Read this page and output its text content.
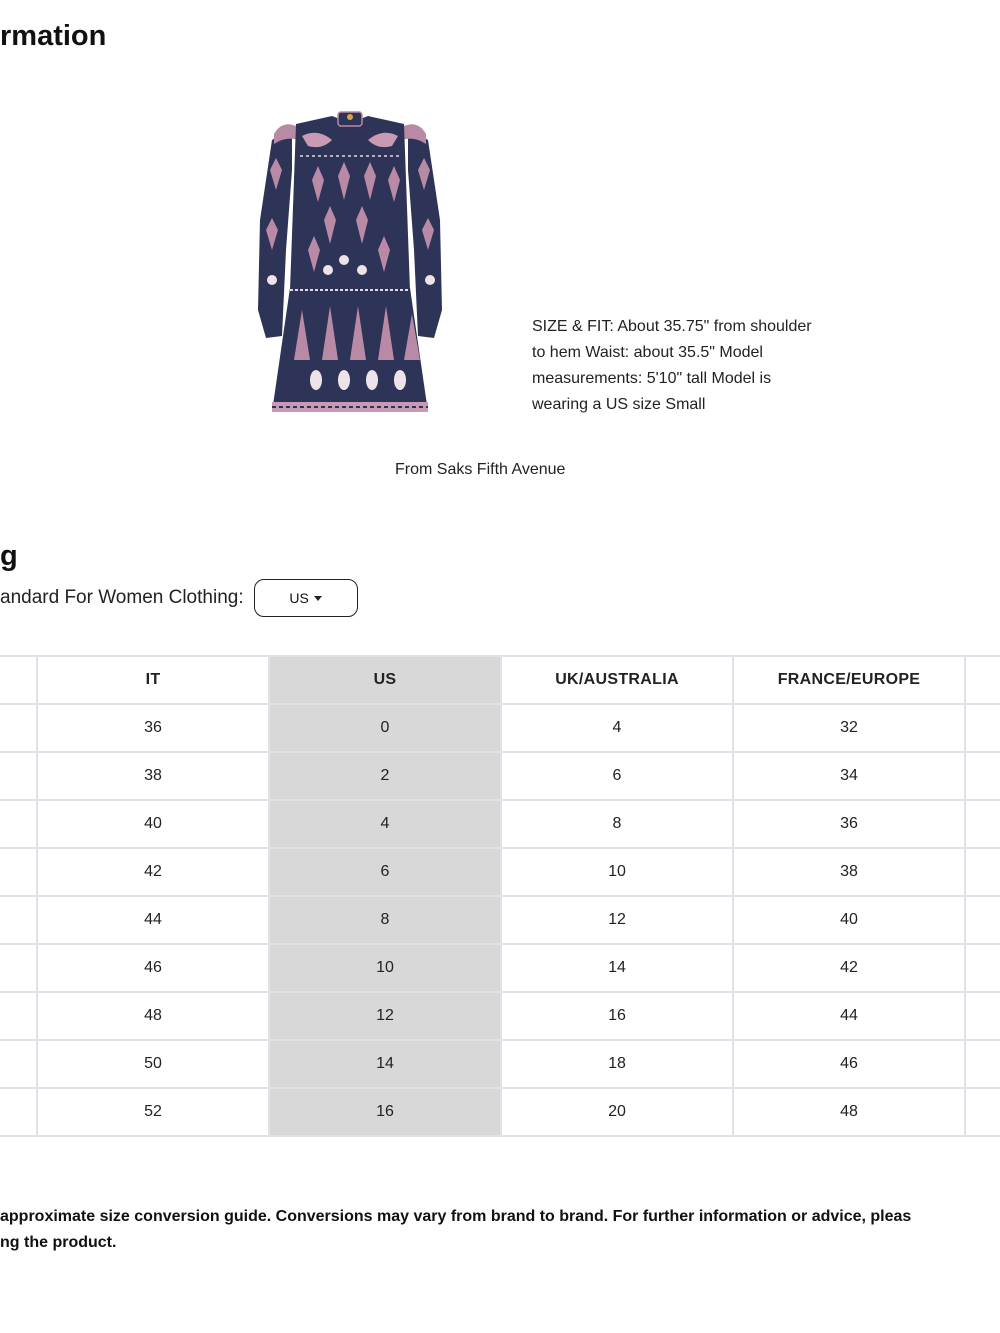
rmation
SIZE & FIT: About 35.75" from shoulder to hem Waist: about 35.5" Model measurements: 5'10" tall Model is wearing a US size Small
From Saks Fifth Avenue
g
andard For Women Clothing:	US
	IT	US	UK/AUSTRALIA	FRANCE/EUROPE	
	36	0	4	32	
	38	2	6	34	
	40	4	8	36	
	42	6	10	38	
	44	8	12	40	
	46	10	14	42	
	48	12	16	44	
	50	14	18	46	
	52	16	20	48	
approximate size conversion guide. Conversions may vary from brand to brand. For further information or advice, pleas
ng the product.
